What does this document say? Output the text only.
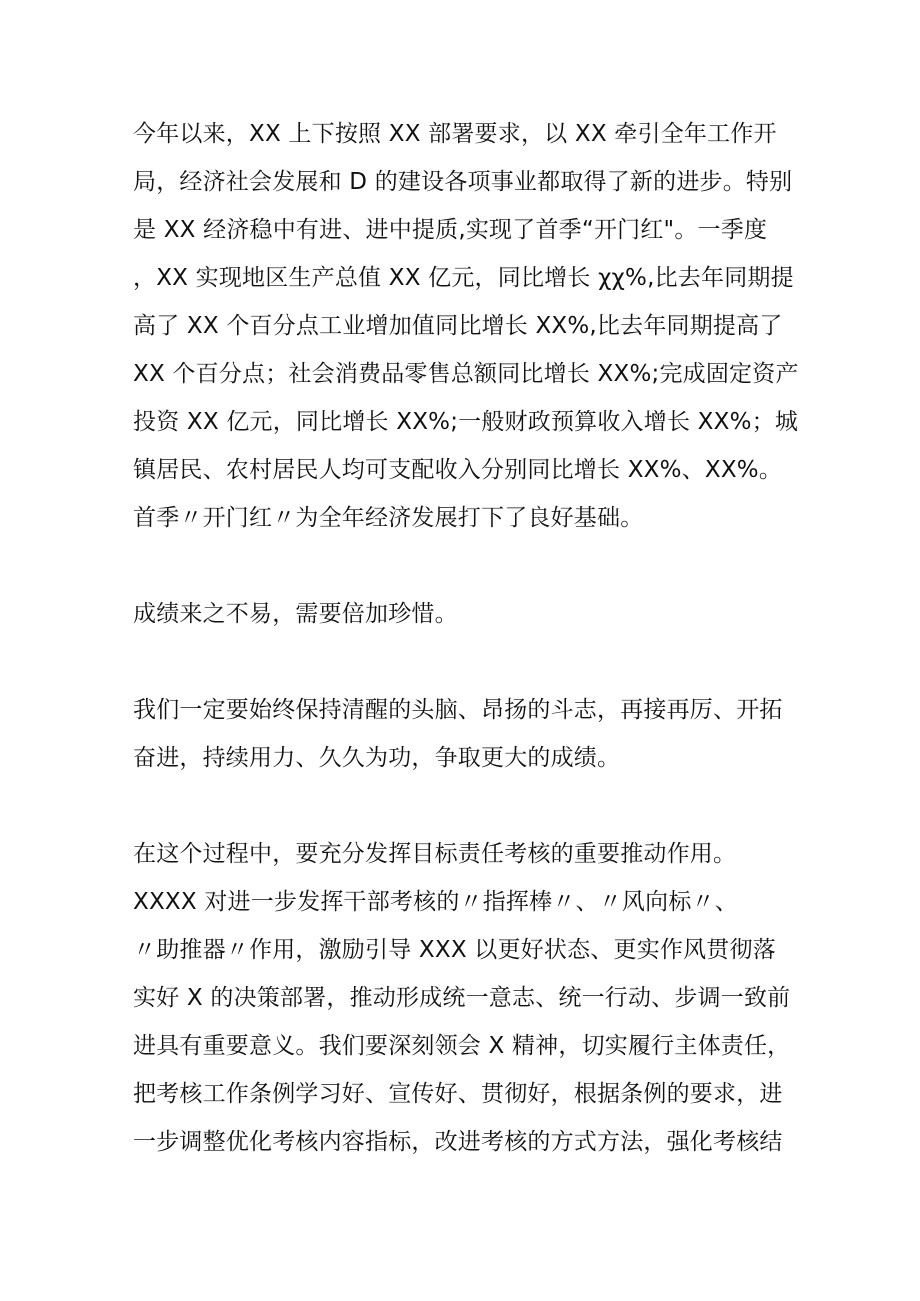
今年以来，XX 上下按照 XX 部署要求，以 XX 牵引全年工作开
局，经济社会发展和 D 的建设各项事业都取得了新的进步。特别
是 XX 经济稳中有进、进中提质,实现了首季“开门红"。一季度
，XX 实现地区生产总值 XX 亿元，同比增长 χχ%,比去年同期提
高了 XX 个百分点工业增加值同比增长 XX%,比去年同期提高了
XX 个百分点；社会消费品零售总额同比增长 XX%;完成固定资产
投资 XX 亿元，同比增长 XX%;一般财政预算收入增长 XX%；城
镇居民、农村居民人均可支配收入分别同比增长 XX%、XX%。
首季〃开门红〃为全年经济发展打下了良好基础。
成绩来之不易，需要倍加珍惜。
我们一定要始终保持清醒的头脑、昂扬的斗志，再接再厉、开拓
奋进，持续用力、久久为功，争取更大的成绩。
在这个过程中，要充分发挥目标责任考核的重要推动作用。
XXXX 对进一步发挥干部考核的〃指挥棒〃、〃风向标〃、
〃助推器〃作用，激励引导 XXX 以更好状态、更实作风贯彻落
实好 X 的决策部署，推动形成统一意志、统一行动、步调一致前
进具有重要意义。我们要深刻领会 X 精神，切实履行主体责任，
把考核工作条例学习好、宣传好、贯彻好，根据条例的要求，进
一步调整优化考核内容指标，改进考核的方式方法，强化考核结
